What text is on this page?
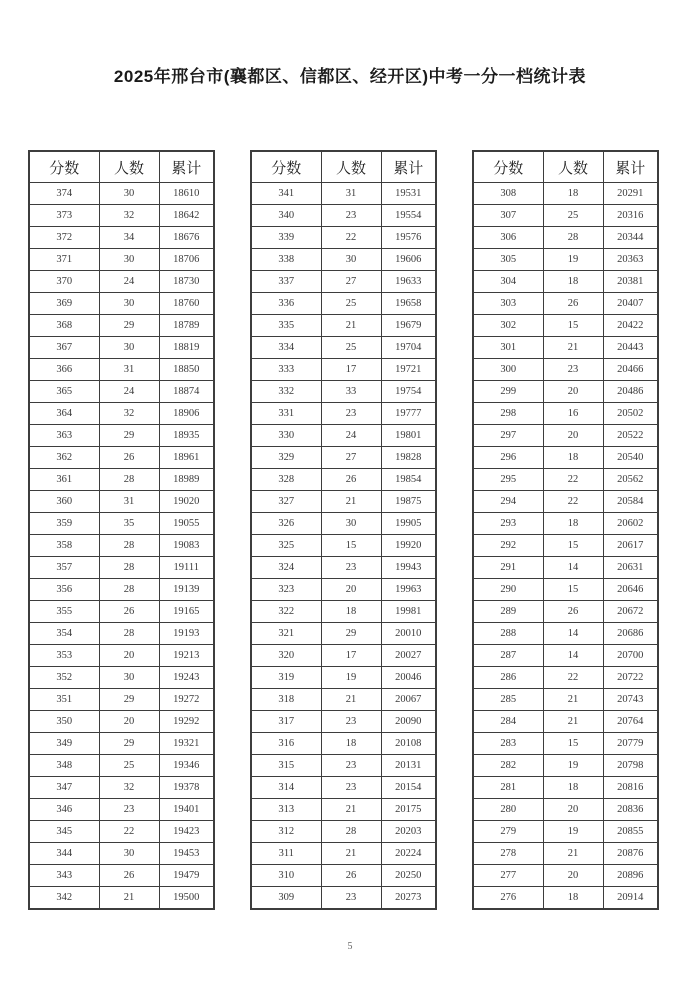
2025年邢台市(襄都区、信都区、经开区)中考一分一档统计表
分数	人数	累计
374	30	18610
373	32	18642
372	34	18676
371	30	18706
370	24	18730
369	30	18760
368	29	18789
367	30	18819
366	31	18850
365	24	18874
364	32	18906
363	29	18935
362	26	18961
361	28	18989
360	31	19020
359	35	19055
358	28	19083
357	28	19111
356	28	19139
355	26	19165
354	28	19193
353	20	19213
352	30	19243
351	29	19272
350	20	19292
349	29	19321
348	25	19346
347	32	19378
346	23	19401
345	22	19423
344	30	19453
343	26	19479
342	21	19500
分数	人数	累计
341	31	19531
340	23	19554
339	22	19576
338	30	19606
337	27	19633
336	25	19658
335	21	19679
334	25	19704
333	17	19721
332	33	19754
331	23	19777
330	24	19801
329	27	19828
328	26	19854
327	21	19875
326	30	19905
325	15	19920
324	23	19943
323	20	19963
322	18	19981
321	29	20010
320	17	20027
319	19	20046
318	21	20067
317	23	20090
316	18	20108
315	23	20131
314	23	20154
313	21	20175
312	28	20203
311	21	20224
310	26	20250
309	23	20273
分数	人数	累计
308	18	20291
307	25	20316
306	28	20344
305	19	20363
304	18	20381
303	26	20407
302	15	20422
301	21	20443
300	23	20466
299	20	20486
298	16	20502
297	20	20522
296	18	20540
295	22	20562
294	22	20584
293	18	20602
292	15	20617
291	14	20631
290	15	20646
289	26	20672
288	14	20686
287	14	20700
286	22	20722
285	21	20743
284	21	20764
283	15	20779
282	19	20798
281	18	20816
280	20	20836
279	19	20855
278	21	20876
277	20	20896
276	18	20914
5
